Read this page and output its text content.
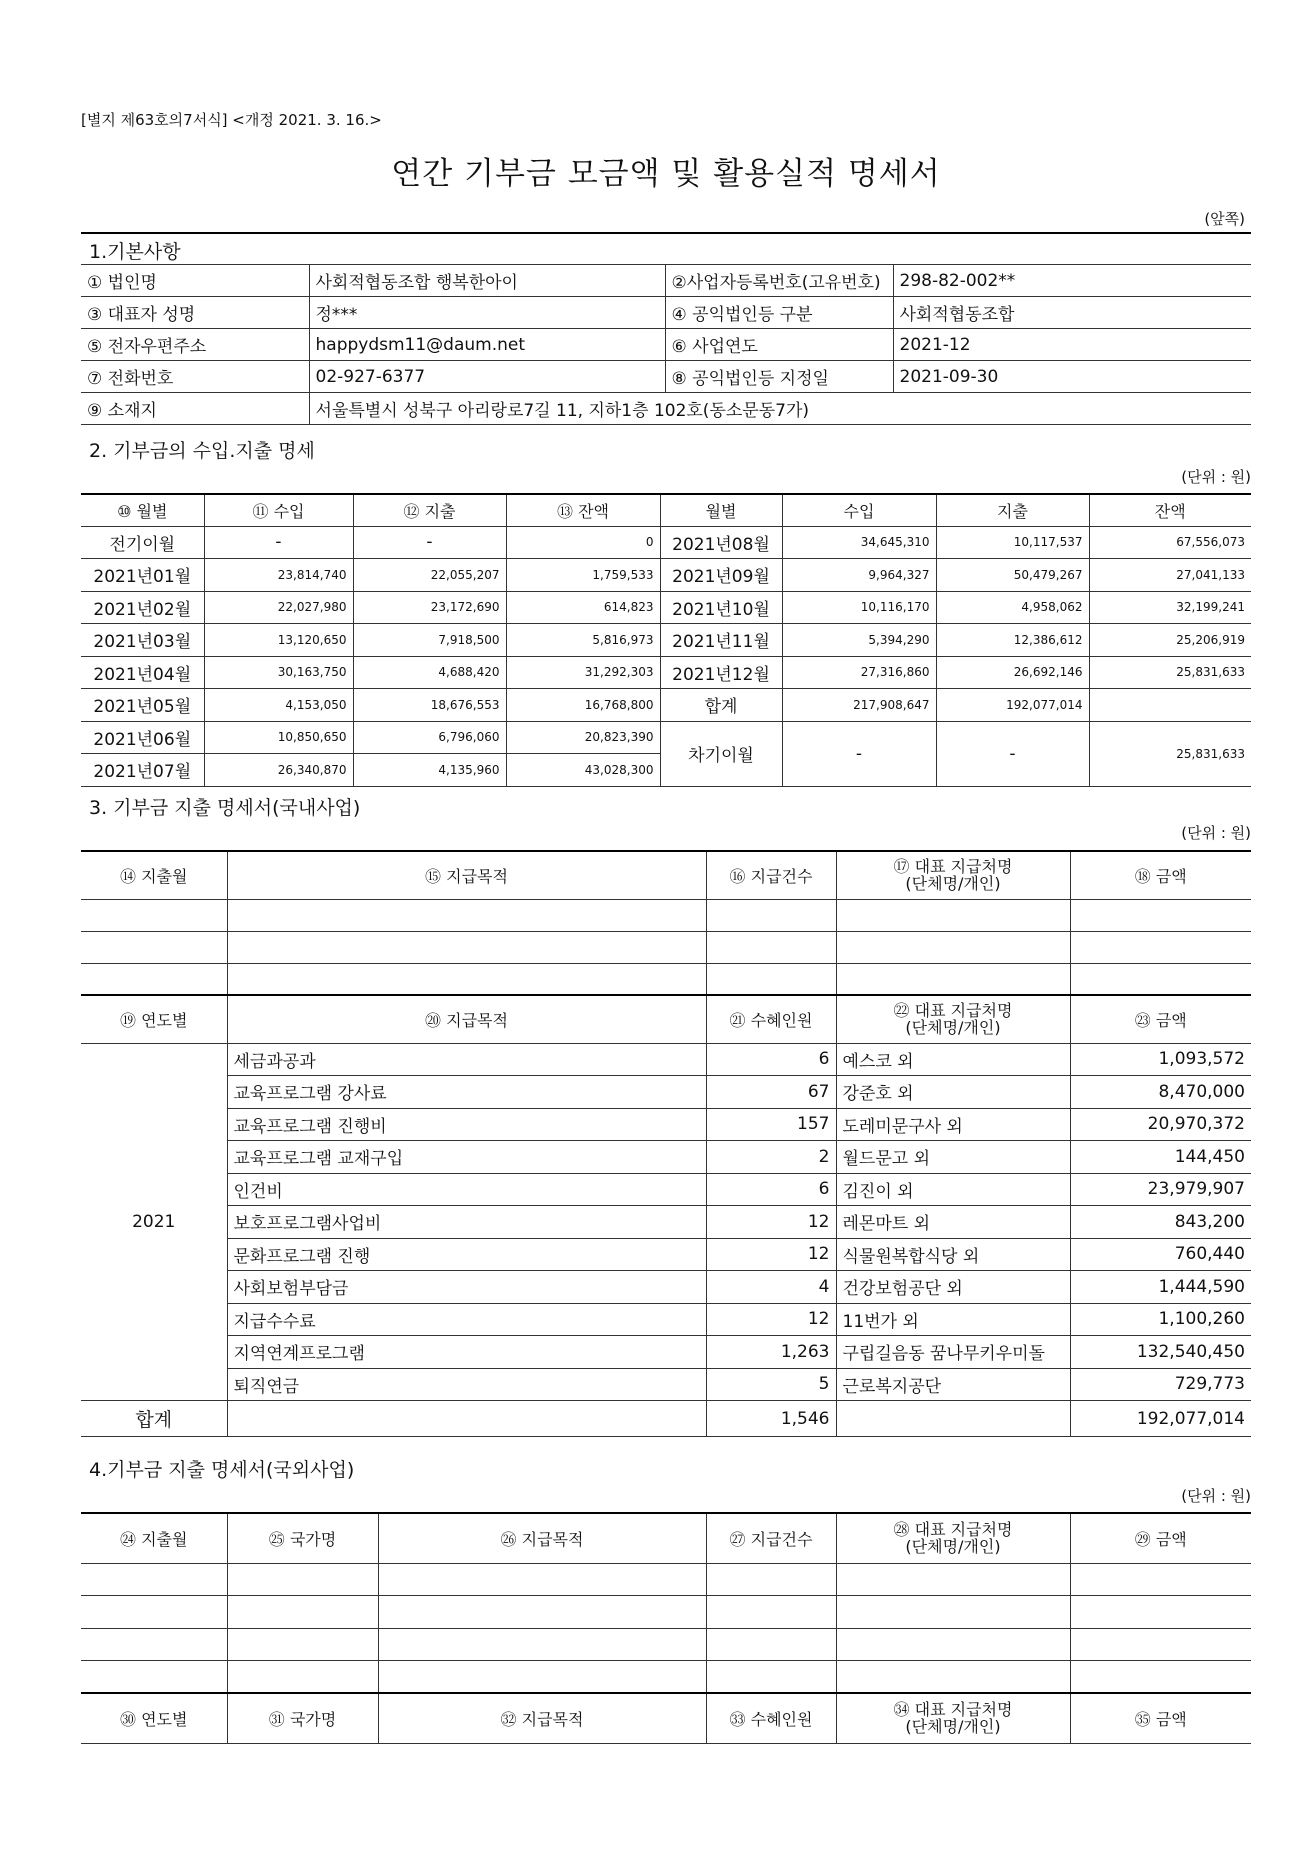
[별지 제63호의7서식] <개정 2021. 3. 16.>
연간 기부금 모금액 및 활용실적 명세서
(앞쪽)
1.기본사항
① 법인명	사회적협동조합 행복한아이	②사업자등록번호(고유번호)	298-82-002**
③ 대표자 성명	정***	④ 공익법인등 구분	사회적협동조합
⑤ 전자우편주소	happydsm11@daum.net	⑥ 사업연도	2021-12
⑦ 전화번호	02-927-6377	⑧ 공익법인등 지정일	2021-09-30
⑨ 소재지	서울특별시 성북구 아리랑로7길 11, 지하1층 102호(동소문동7가)		
2. 기부금의 수입.지출 명세
(단위 : 원)
⑩ 월별	⑪ 수입	⑫ 지출	⑬ 잔액	월별	수입	지출	잔액
전기이월	-	-	0	2021년08월	34,645,310	10,117,537	67,556,073
2021년01월	23,814,740	22,055,207	1,759,533	2021년09월	9,964,327	50,479,267	27,041,133
2021년02월	22,027,980	23,172,690	614,823	2021년10월	10,116,170	4,958,062	32,199,241
2021년03월	13,120,650	7,918,500	5,816,973	2021년11월	5,394,290	12,386,612	25,206,919
2021년04월	30,163,750	4,688,420	31,292,303	2021년12월	27,316,860	26,692,146	25,831,633
2021년05월	4,153,050	18,676,553	16,768,800	합계	217,908,647	192,077,014	
2021년06월	10,850,650	6,796,060	20,823,390	차기이월	-	-	25,831,633
2021년07월	26,340,870	4,135,960	43,028,300				
3. 기부금 지출 명세서(국내사업)
(단위 : 원)
⑭ 지출월	⑮ 지급목적	⑯ 지급건수	⑰ 대표 지급처명
(단체명/개인)	⑱ 금액

⑲ 연도별	⑳ 지급목적	㉑ 수혜인원	㉒ 대표 지급처명
(단체명/개인)	㉓ 금액
2021	세금과공과	6	예스코 외	1,093,572
	교육프로그램 강사료	67	강준호 외	8,470,000
	교육프로그램 진행비	157	도레미문구사 외	20,970,372
	교육프로그램 교재구입	2	월드문고 외	144,450
	인건비	6	김진이 외	23,979,907
	보호프로그램사업비	12	레몬마트 외	843,200
	문화프로그램 진행	12	식물원복합식당 외	760,440
	사회보험부담금	4	건강보험공단 외	1,444,590
	지급수수료	12	11번가 외	1,100,260
	지역연계프로그램	1,263	구립길음동 꿈나무키우미돌	132,540,450
	퇴직연금	5	근로복지공단	729,773
합계		1,546		192,077,014
4.기부금 지출 명세서(국외사업)
(단위 : 원)
㉔ 지출월	㉕ 국가명	㉖ 지급목적	㉗ 지급건수	㉘ 대표 지급처명
(단체명/개인)	㉙ 금액

㉚ 연도별	㉛ 국가명	㉜ 지급목적	㉝ 수혜인원	㉞ 대표 지급처명
(단체명/개인)	㉟ 금액
